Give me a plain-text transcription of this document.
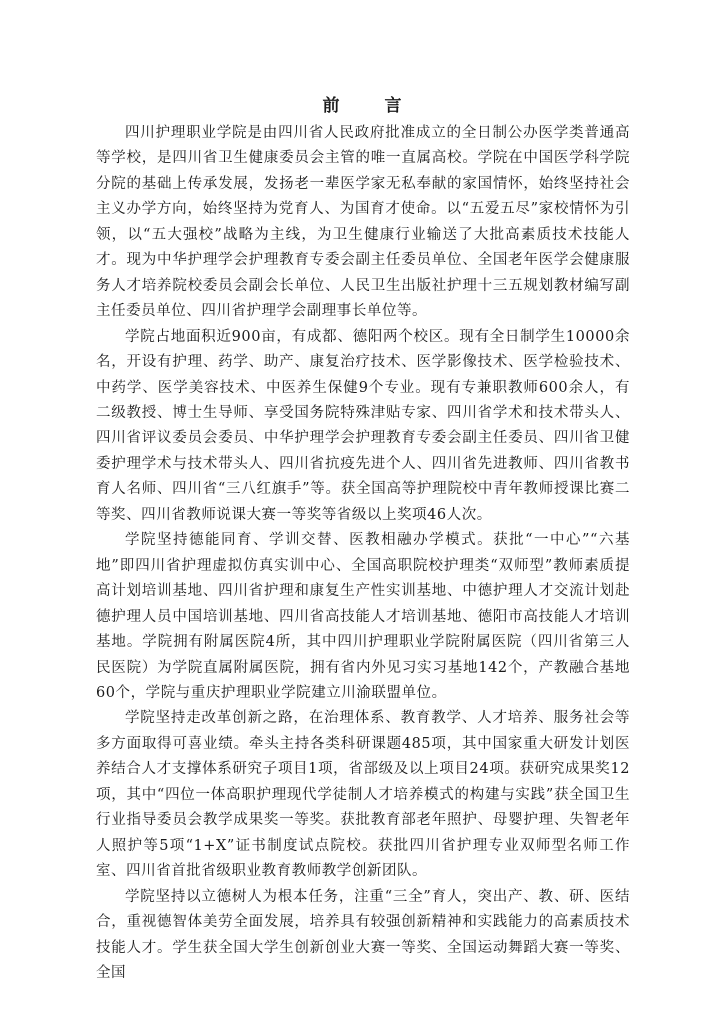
前　言

四川护理职业学院是由四川省人民政府批准成立的全日制公办医学类普通高等学校，是四川省卫生健康委员会主管的唯一直属高校。学院在中国医学科学院分院的基础上传承发展，发扬老一辈医学家无私奉献的家国情怀，始终坚持社会主义办学方向，始终坚持为党育人、为国育才使命。以“五爱五尽”家校情怀为引领，以“五大强校”战略为主线，为卫生健康行业输送了大批高素质技术技能人才。现为中华护理学会护理教育专委会副主任委员单位、全国老年医学会健康服务人才培养院校委员会副会长单位、人民卫生出版社护理十三五规划教材编写副主任委员单位、四川省护理学会副理事长单位等。

学院占地面积近900亩，有成都、德阳两个校区。现有全日制学生10000余名，开设有护理、药学、助产、康复治疗技术、医学影像技术、医学检验技术、中药学、医学美容技术、中医养生保健9个专业。现有专兼职教师600余人，有二级教授、博士生导师、享受国务院特殊津贴专家、四川省学术和技术带头人、四川省评议委员会委员、中华护理学会护理教育专委会副主任委员、四川省卫健委护理学术与技术带头人、四川省抗疫先进个人、四川省先进教师、四川省教书育人名师、四川省“三八红旗手”等。获全国高等护理院校中青年教师授课比赛二等奖、四川省教师说课大赛一等奖等省级以上奖项46人次。

学院坚持德能同育、学训交替、医教相融办学模式。获批“一中心”“六基地”即四川省护理虚拟仿真实训中心、全国高职院校护理类“双师型”教师素质提高计划培训基地、四川省护理和康复生产性实训基地、中德护理人才交流计划赴德护理人员中国培训基地、四川省高技能人才培训基地、德阳市高技能人才培训基地。学院拥有附属医院4所，其中四川护理职业学院附属医院（四川省第三人民医院）为学院直属附属医院，拥有省内外见习实习基地142个，产教融合基地60个，学院与重庆护理职业学院建立川渝联盟单位。

学院坚持走改革创新之路，在治理体系、教育教学、人才培养、服务社会等多方面取得可喜业绩。牵头主持各类科研课题485项，其中国家重大研发计划医养结合人才支撑体系研究子项目1项，省部级及以上项目24项。获研究成果奖12项，其中“四位一体高职护理现代学徒制人才培养模式的构建与实践”获全国卫生行业指导委员会教学成果奖一等奖。获批教育部老年照护、母婴护理、失智老年人照护等5项“1+X”证书制度试点院校。获批四川省护理专业双师型名师工作室、四川省首批省级职业教育教师教学创新团队。

学院坚持以立德树人为根本任务，注重“三全”育人，突出产、教、研、医结合，重视德智体美劳全面发展，培养具有较强创新精神和实践能力的高素质技术技能人才。学生获全国大学生创新创业大赛一等奖、全国运动舞蹈大赛一等奖、全国
